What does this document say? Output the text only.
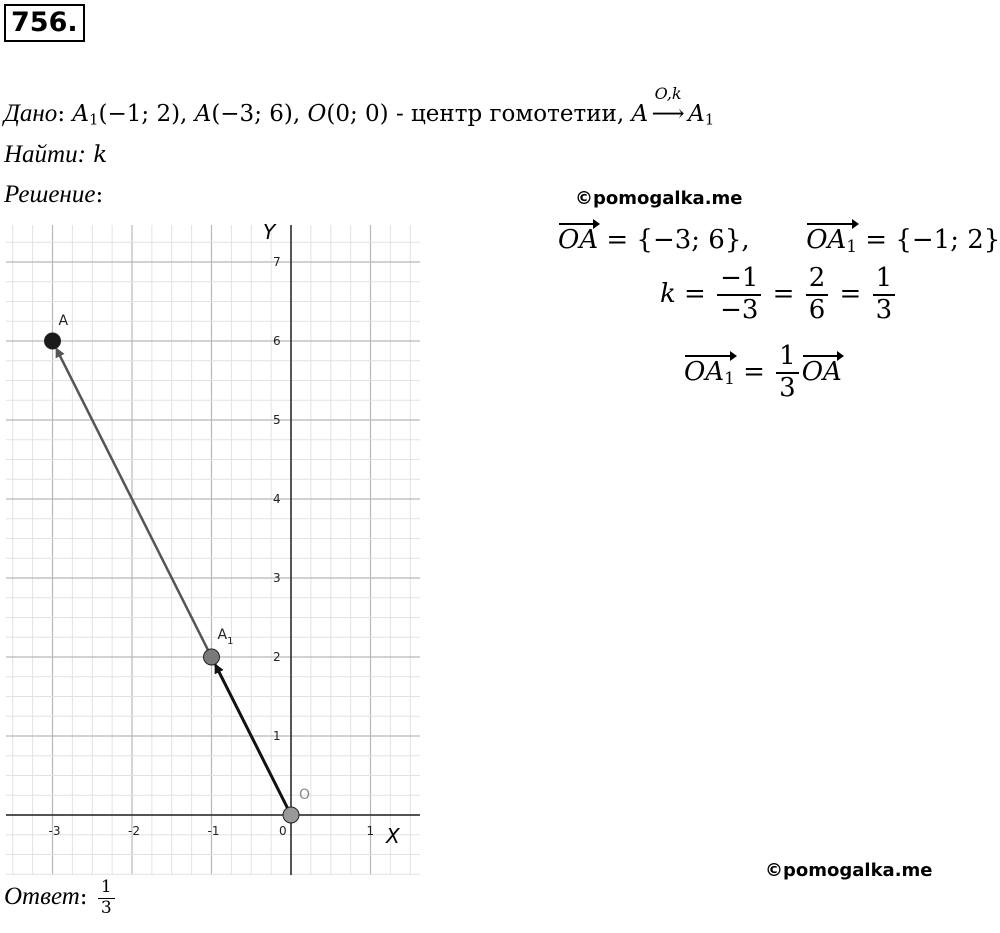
756.
Дано: $A_1(-1$; 2), A(−3; 6), O(0; 0) - центр гомотетии, A
O,k
⟶ $A_1$
Найти: k
Решение:	©pomogalka.me
©pomogalka.me
OA = {−3; 6}, $OA_1 = \{-1$; 2}
$k = \frac{-1}{-3} = \frac{2}{6} = \frac{1}{3}$
$OA_1 = \frac{1}{3}$ OA
Ответ: $\frac{1}{3}$
-3	-2	-1	0	1
1
2
3
4
5
6
7
A
$A_1$
O
X
Y
